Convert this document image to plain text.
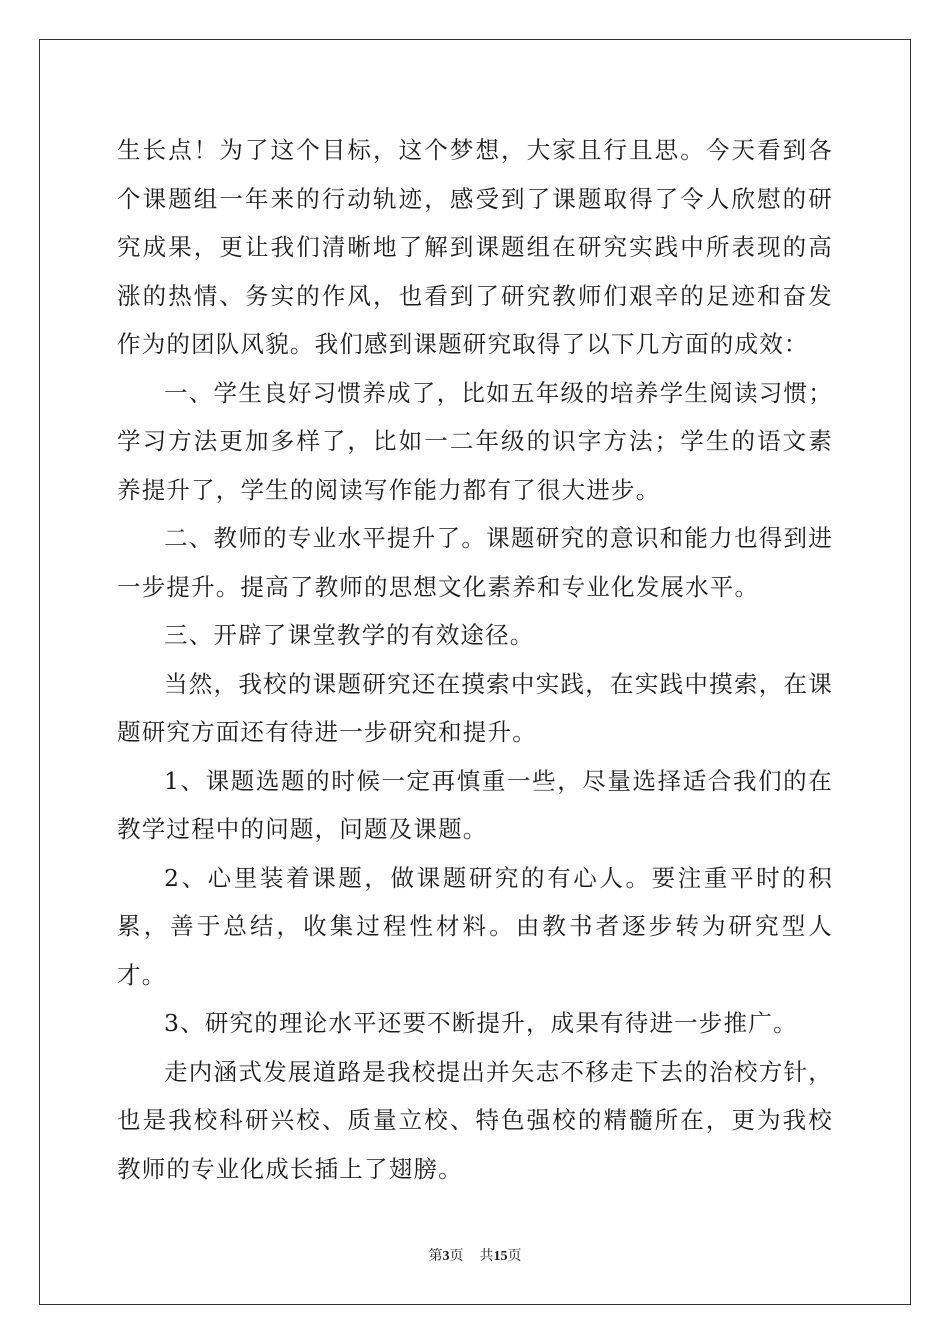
生长点！为了这个目标，这个梦想，大家且行且思。今天看到各个课题组一年来的行动轨迹，感受到了课题取得了令人欣慰的研究成果，更让我们清晰地了解到课题组在研究实践中所表现的高涨的热情、务实的作风，也看到了研究教师们艰辛的足迹和奋发作为的团队风貌。我们感到课题研究取得了以下几方面的成效：

一、学生良好习惯养成了，比如五年级的培养学生阅读习惯；学习方法更加多样了，比如一二年级的识字方法；学生的语文素养提升了，学生的阅读写作能力都有了很大进步。

二、教师的专业水平提升了。课题研究的意识和能力也得到进一步提升。提高了教师的思想文化素养和专业化发展水平。

三、开辟了课堂教学的有效途径。

当然，我校的课题研究还在摸索中实践，在实践中摸索，在课题研究方面还有待进一步研究和提升。

1、课题选题的时候一定再慎重一些，尽量选择适合我们的在教学过程中的问题，问题及课题。

2、心里装着课题，做课题研究的有心人。要注重平时的积累，善于总结，收集过程性材料。由教书者逐步转为研究型人才。

3、研究的理论水平还要不断提升，成果有待进一步推广。

走内涵式发展道路是我校提出并矢志不移走下去的治校方针，也是我校科研兴校、质量立校、特色强校的精髓所在，更为我校教师的专业化成长插上了翅膀。

第3页 共15页
